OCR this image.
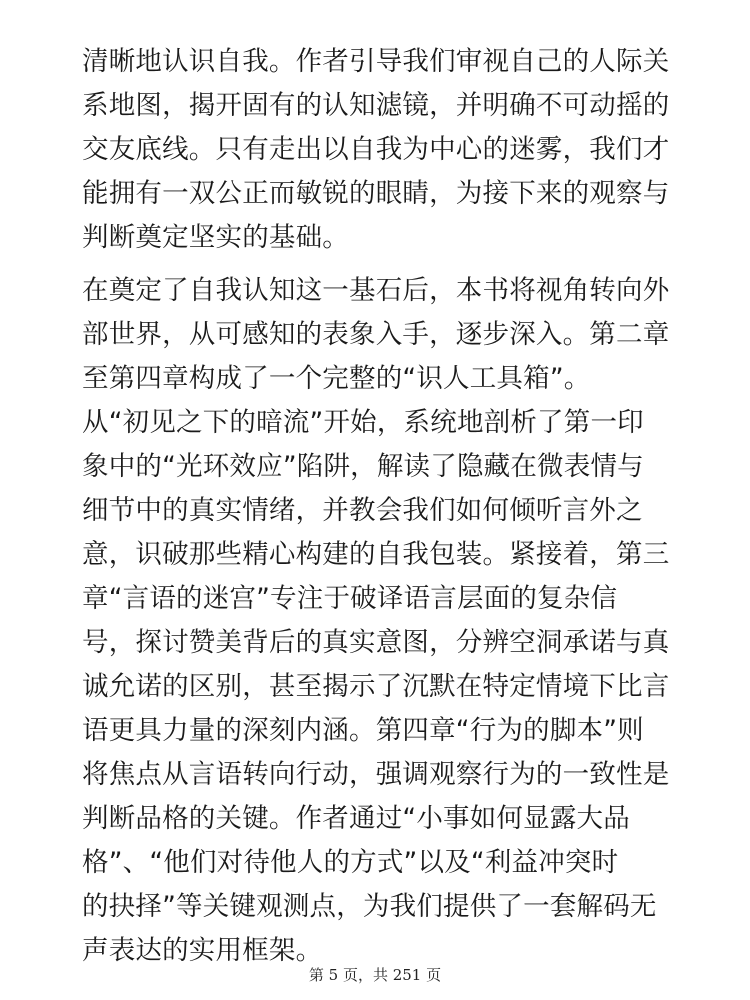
清晰地认识自我。作者引导我们审视自己的人际关
系地图，揭开固有的认知滤镜，并明确不可动摇的
交友底线。只有走出以自我为中心的迷雾，我们才
能拥有一双公正而敏锐的眼睛，为接下来的观察与
判断奠定坚实的基础。
在奠定了自我认知这一基石后，本书将视角转向外
部世界，从可感知的表象入手，逐步深入。第二章
至第四章构成了一个完整的“识人工具箱”。
从“初见之下的暗流”开始，系统地剖析了第一印
象中的“光环效应”陷阱，解读了隐藏在微表情与
细节中的真实情绪，并教会我们如何倾听言外之
意，识破那些精心构建的自我包装。紧接着，第三
章“言语的迷宫”专注于破译语言层面的复杂信
号，探讨赞美背后的真实意图，分辨空洞承诺与真
诚允诺的区别，甚至揭示了沉默在特定情境下比言
语更具力量的深刻内涵。第四章“行为的脚本”则
将焦点从言语转向行动，强调观察行为的一致性是
判断品格的关键。作者通过“小事如何显露大品
格”、“他们对待他人的方式”以及“利益冲突时
的抉择”等关键观测点，为我们提供了一套解码无
声表达的实用框架。
第 5 页，共 251 页
